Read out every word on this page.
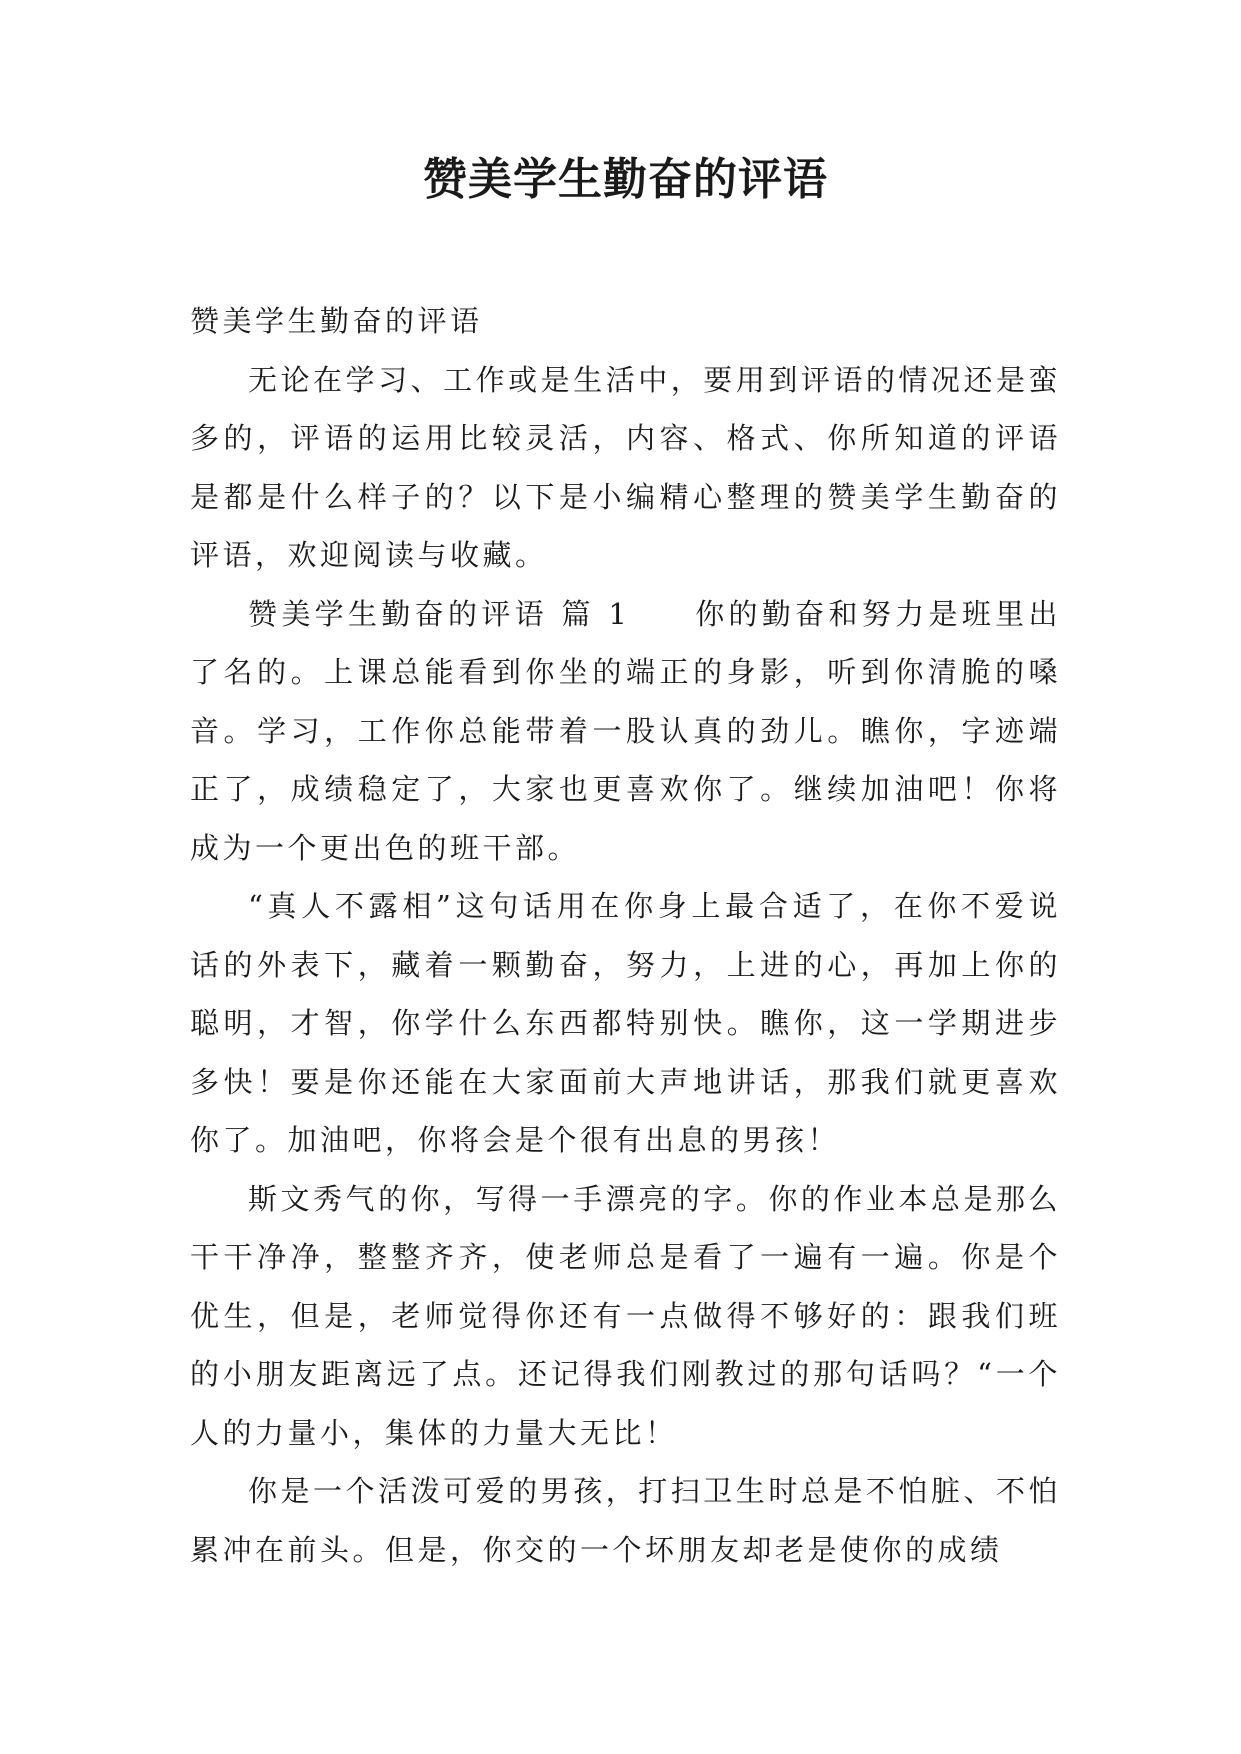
赞美学生勤奋的评语

赞美学生勤奋的评语

无论在学习、工作或是生活中，要用到评语的情况还是蛮多的，评语的运用比较灵活，内容、格式、你所知道的评语是都是什么样子的？以下是小编精心整理的赞美学生勤奋的评语，欢迎阅读与收藏。

赞美学生勤奋的评语 篇 1 你的勤奋和努力是班里出了名的。上课总能看到你坐的端正的身影，听到你清脆的嗓音。学习，工作你总能带着一股认真的劲儿。瞧你，字迹端正了，成绩稳定了，大家也更喜欢你了。继续加油吧！你将成为一个更出色的班干部。

“真人不露相”这句话用在你身上最合适了，在你不爱说话的外表下，藏着一颗勤奋，努力，上进的心，再加上你的聪明，才智，你学什么东西都特别快。瞧你，这一学期进步多快！要是你还能在大家面前大声地讲话，那我们就更喜欢你了。加油吧，你将会是个很有出息的男孩！

斯文秀气的你，写得一手漂亮的字。你的作业本总是那么干干净净，整整齐齐，使老师总是看了一遍有一遍。你是个优生，但是，老师觉得你还有一点做得不够好的：跟我们班的小朋友距离远了点。还记得我们刚教过的那句话吗？“一个人的力量小，集体的力量大无比！

你是一个活泼可爱的男孩，打扫卫生时总是不怕脏、不怕累冲在前头。但是，你交的一个坏朋友却老是使你的成绩
